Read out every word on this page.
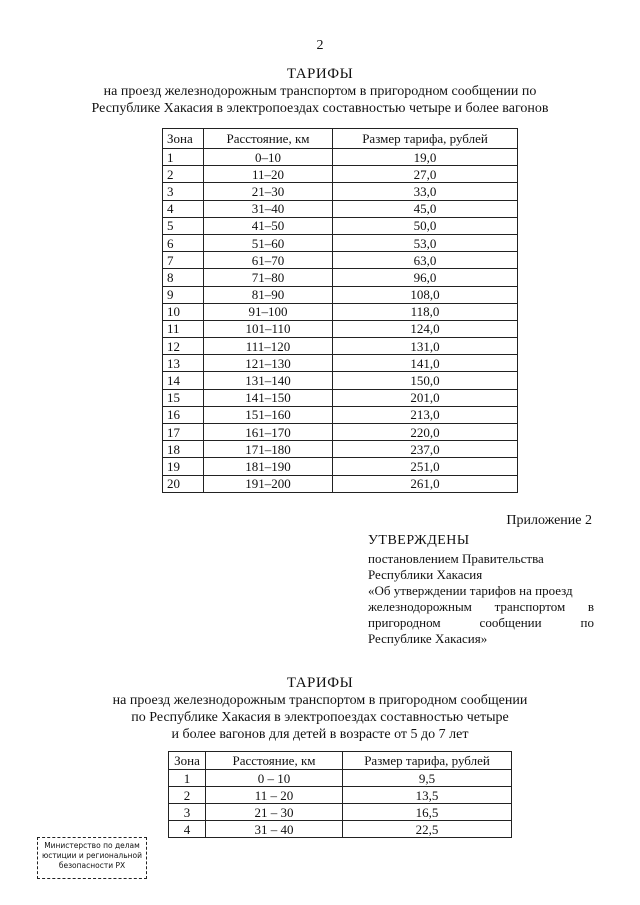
2
ТАРИФЫ
на проезд железнодорожным транспортом в пригородном сообщении по
Республике Хакасия в электропоездах составностью четыре и более вагонов
Зона	Расстояние, км	Размер тарифа, рублей
1	0–10	19,0
2	11–20	27,0
3	21–30	33,0
4	31–40	45,0
5	41–50	50,0
6	51–60	53,0
7	61–70	63,0
8	71–80	96,0
9	81–90	108,0
10	91–100	118,0
11	101–110	124,0
12	111–120	131,0
13	121–130	141,0
14	131–140	150,0
15	141–150	201,0
16	151–160	213,0
17	161–170	220,0
18	171–180	237,0
19	181–190	251,0
20	191–200	261,0
Приложение 2
УТВЕРЖДЕНЫ
постановлением Правительства
Республики Хакасия
«Об утверждении тарифов на проезд
железнодорожным транспортом в
пригородном сообщении по
Республике Хакасия»
ТАРИФЫ
на проезд железнодорожным транспортом в пригородном сообщении
по Республике Хакасия в электропоездах составностью четыре
и более вагонов для детей в возрасте от 5 до 7 лет
Зона	Расстояние, км	Размер тарифа, рублей
1	0 – 10	9,5
2	11 – 20	13,5
3	21 – 30	16,5
4	31 – 40	22,5
Министерство по делам
юстиции и региональной
безопасности РХ
